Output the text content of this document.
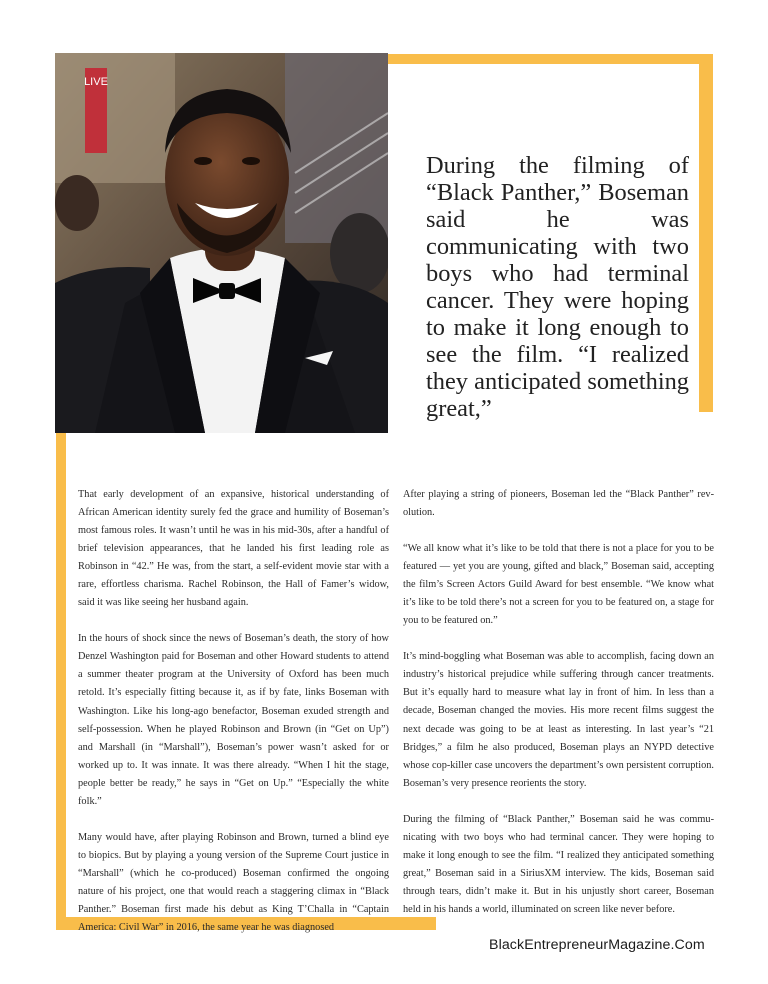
LIVE
During the filming of “Black Panther,” Boseman said he was communicating with two boys who had terminal cancer. They were hoping to make it long enough to see the film. “I realized they anticipated something great,”

That early development of an expansive, historical understanding of African American identity surely fed the grace and humility of Boseman’s most famous roles. It wasn’t until he was in his mid-30s, after a handful of brief television appearances, that he landed his first leading role as Robinson in “42.” He was, from the start, a self-evident movie star with a rare, effortless charisma. Rachel Robinson, the Hall of Famer’s widow, said it was like seeing her husband again.

In the hours of shock since the news of Boseman’s death, the story of how Denzel Washington paid for Boseman and other Howard students to attend a summer theater program at the University of Oxford has been much retold. It’s especially fitting because it, as if by fate, links Boseman with Washington. Like his long-ago benefactor, Boseman exuded strength and self-possession. When he played Robinson and Brown (in “Get on Up”) and Marshall (in “Marshall”), Boseman’s power wasn’t asked for or worked up to. It was innate. It was there already. “When I hit the stage, people better be ready,” he says in “Get on Up.” “Especially the white folk.”

Many would have, after playing Robinson and Brown, turned a blind eye to biopics. But by playing a young version of the Supreme Court justice in “Marshall” (which he co-produced) Boseman confirmed the ongoing nature of his project, one that would reach a staggering climax in “Black Panther.” Boseman first made his debut as King T’Challa in “Captain America: Civil War” in 2016, the same year he was diagnosed

After playing a string of pioneers, Boseman led the “Black Panther” revolution.

“We all know what it’s like to be told that there is not a place for you to be featured — yet you are young, gifted and black,” Boseman said, accepting the film’s Screen Actors Guild Award for best ensemble. “We know what it’s like to be told there’s not a screen for you to be featured on, a stage for you to be featured on.”

It’s mind-boggling what Boseman was able to accomplish, facing down an industry’s historical prejudice while suffering through cancer treatments. But it’s equally hard to measure what lay in front of him. In less than a decade, Boseman changed the movies. His more recent films suggest the next decade was going to be at least as interesting. In last year’s “21 Bridges,” a film he also produced, Boseman plays an NYPD detective whose cop-killer case uncovers the department’s own persistent corruption. Boseman’s very presence reorients the story.

During the filming of “Black Panther,” Boseman said he was communicating with two boys who had terminal cancer. They were hoping to make it long enough to see the film. “I realized they anticipated something great,” Boseman said in a SiriusXM interview. The kids, Boseman said through tears, didn’t make it. But in his unjustly short career, Boseman held in his hands a world, illuminated on screen like never before.

BlackEntrepreneurMagazine.Com
